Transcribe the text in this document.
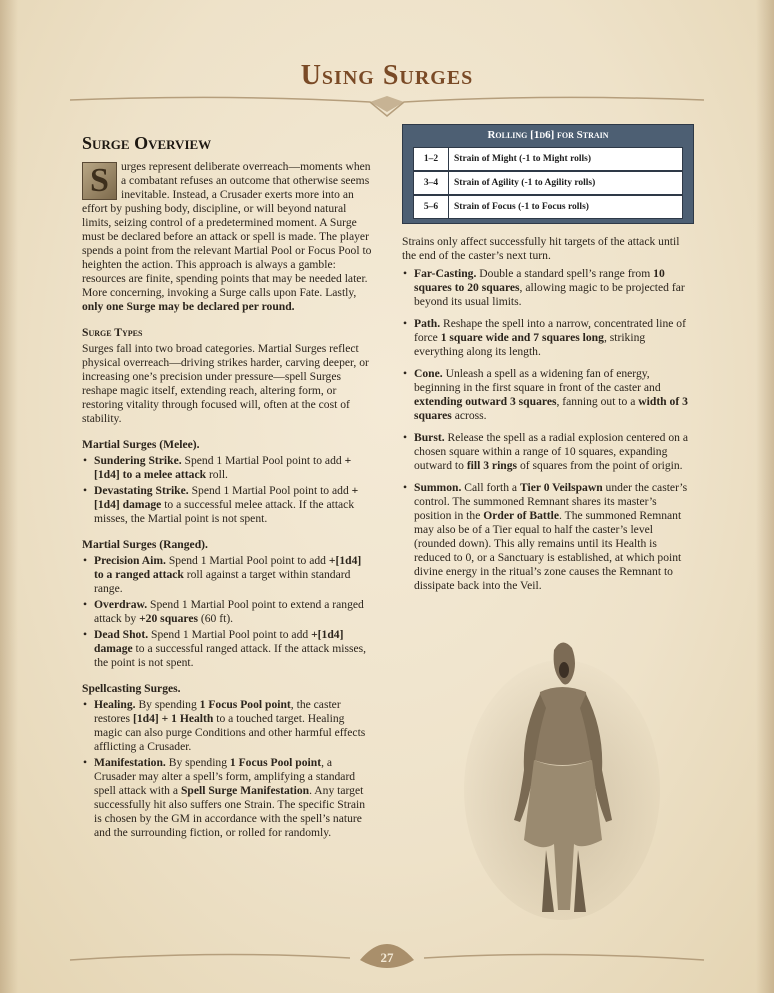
Using Surges
Surge Overview

S	urges represent deliberate overreach—moments when a combatant refuses an outcome that otherwise seems inevitable. Instead, a Crusader exerts more into an effort by pushing body, discipline, or will beyond natural limits, seizing control of a predetermined moment. A Surge must be declared before an attack or spell is made. The player spends a point from the relevant Martial Pool or Focus Pool to heighten the action. This approach is always a gamble: resources are finite, spending points that may be needed later. More concerning, invoking a Surge calls upon Fate. Lastly, only one Surge may be declared per round.

Surge Types

Surges fall into two broad categories. Martial Surges reflect physical overreach—driving strikes harder, carving deeper, or increasing one’s precision under pressure—spell Surges reshape magic itself, extending reach, altering form, or restoring vitality through focused will, often at the cost of stability.

Martial Surges (Melee).
• Sundering Strike. Spend 1 Martial Pool point to add +[1d4] to a melee attack roll.
• Devastating Strike. Spend 1 Martial Pool point to add +[1d4] damage to a successful melee attack. If the attack misses, the Martial point is not spent.
Martial Surges (Ranged).
• Precision Aim. Spend 1 Martial Pool point to add +[1d4] to a ranged attack roll against a target within standard range.
• Overdraw. Spend 1 Martial Pool point to extend a ranged attack by +20 squares (60 ft).
• Dead Shot. Spend 1 Martial Pool point to add +[1d4] damage to a successful ranged attack. If the attack misses, the point is not spent.
Spellcasting Surges.
• Healing. By spending 1 Focus Pool point, the caster restores [1d4] + 1 Health to a touched target. Healing magic can also purge Conditions and other harmful effects afflicting a Crusader.
• Manifestation. By spending 1 Focus Pool point, a Crusader may alter a spell’s form, amplifying a standard spell attack with a Spell Surge Manifestation. Any target successfully hit also suffers one Strain. The specific Strain is chosen by the GM in accordance with the spell’s nature and the surrounding fiction, or rolled for randomly.
Rolling [1d6] for Strain
1–2	Strain of Might (-1 to Might rolls)
3–4	Strain of Agility (-1 to Agility rolls)
5–6	Strain of Focus (-1 to Focus rolls)

Strains only affect successfully hit targets of the attack until the end of the caster’s next turn.

• Far-Casting. Double a standard spell’s range from 10 squares to 20 squares, allowing magic to be projected far beyond its usual limits.
• Path. Reshape the spell into a narrow, concentrated line of force 1 square wide and 7 squares long, striking everything along its length.
• Cone. Unleash a spell as a widening fan of energy, beginning in the first square in front of the caster and extending outward 3 squares, fanning out to a width of 3 squares across.
• Burst. Release the spell as a radial explosion centered on a chosen square within a range of 10 squares, expanding outward to fill 3 rings of squares from the point of origin.
• Summon. Call forth a Tier 0 Veilspawn under the caster’s control. The summoned Remnant shares its master’s position in the Order of Battle. The summoned Remnant may also be of a Tier equal to half the caster’s level (rounded down). This ally remains until its Health is reduced to 0, or a Sanctuary is established, at which point divine energy in the ritual’s zone causes the Remnant to dissipate back into the Veil.
27
